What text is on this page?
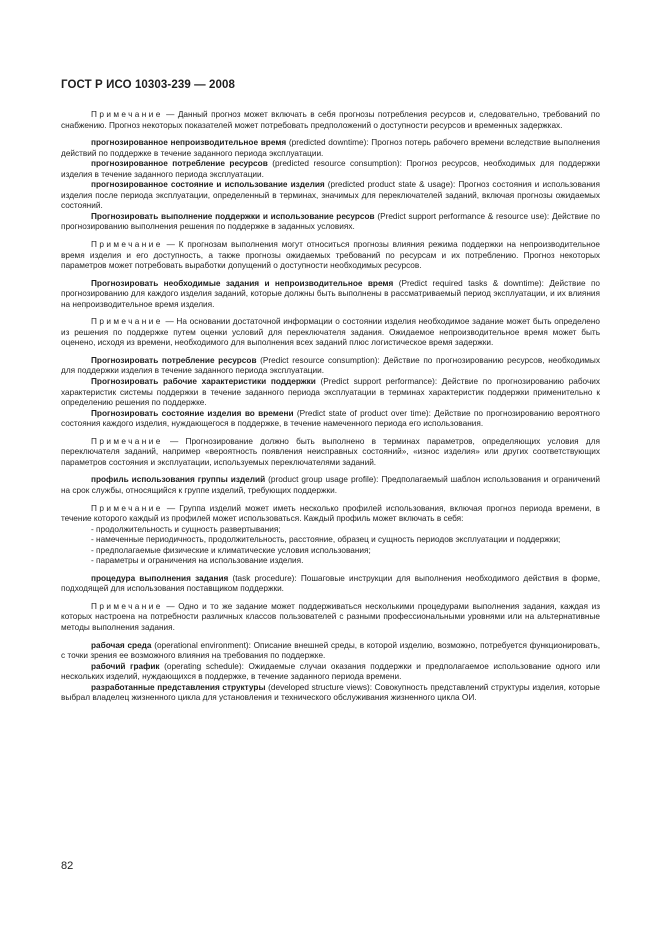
ГОСТ Р ИСО 10303-239 — 2008

Примечание — Данный прогноз может включать в себя прогнозы потребления ресурсов и, следовательно, требований по снабжению. Прогноз некоторых показателей может потребовать предположений о доступности ресурсов и временных задержках.

прогнозированное непроизводительное время (predicted downtime): Прогноз потерь рабочего времени вследствие выполнения действий по поддержке в течение заданного периода эксплуатации.

прогнозированное потребление ресурсов (predicted resource consumption): Прогноз ресурсов, необходимых для поддержки изделия в течение заданного периода эксплуатации.

прогнозированное состояние и использование изделия (predicted product state & usage): Прогноз состояния и использования изделия после периода эксплуатации, определенный в терминах, значимых для переключателей заданий, включая прогнозы ожидаемых состояний.

Прогнозировать выполнение поддержки и использование ресурсов (Predict support performance & resource use): Действие по прогнозированию выполнения решения по поддержке в заданных условиях.

Примечание — К прогнозам выполнения могут относиться прогнозы влияния режима поддержки на непроизводительное время изделия и его доступность, а также прогнозы ожидаемых требований по ресурсам и их потреблению. Прогноз некоторых параметров может потребовать выработки допущений о доступности необходимых ресурсов.

Прогнозировать необходимые задания и непроизводительное время (Predict required tasks & downtime): Действие по прогнозированию для каждого изделия заданий, которые должны быть выполнены в рассматриваемый период эксплуатации, и их влияния на непроизводительное время изделия.

Примечание — На основании достаточной информации о состоянии изделия необходимое задание может быть определено из решения по поддержке путем оценки условий для переключателя задания. Ожидаемое непроизводительное время может быть оценено, исходя из времени, необходимого для выполнения всех заданий плюс логистическое время задержки.

Прогнозировать потребление ресурсов (Predict resource consumption): Действие по прогнозированию ресурсов, необходимых для поддержки изделия в течение заданного периода эксплуатации.

Прогнозировать рабочие характеристики поддержки (Predict support performance): Действие по прогнозированию рабочих характеристик системы поддержки в течение заданного периода эксплуатации в терминах характеристик поддержки применительно к определению решения по поддержке.

Прогнозировать состояние изделия во времени (Predict state of product over time): Действие по прогнозированию вероятного состояния каждого изделия, нуждающегося в поддержке, в течение намеченного периода его использования.

Примечание — Прогнозирование должно быть выполнено в терминах параметров, определяющих условия для переключателя заданий, например «вероятность появления неисправных состояний», «износ изделия» или других соответствующих параметров состояния и эксплуатации, используемых переключателями заданий.

профиль использования группы изделий (product group usage profile): Предполагаемый шаблон использования и ограничений на срок службы, относящийся к группе изделий, требующих поддержки.

Примечание — Группа изделий может иметь несколько профилей использования, включая прогноз периода времени, в течение которого каждый из профилей может использоваться. Каждый профиль может включать в себя:

- продолжительность и сущность развертывания;

- намеченные периодичность, продолжительность, расстояние, образец и сущность периодов эксплуатации и поддержки;

- предполагаемые физические и климатические условия использования;

- параметры и ограничения на использование изделия.

процедура выполнения задания (task procedure): Пошаговые инструкции для выполнения необходимого действия в форме, подходящей для использования поставщиком поддержки.

Примечание — Одно и то же задание может поддерживаться несколькими процедурами выполнения задания, каждая из которых настроена на потребности различных классов пользователей с разными профессиональными уровнями или на альтернативные методы выполнения задания.

рабочая среда (operational environment): Описание внешней среды, в которой изделию, возможно, потребуется функционировать, с точки зрения ее возможного влияния на требования по поддержке.

рабочий график (operating schedule): Ожидаемые случаи оказания поддержки и предполагаемое использование одного или нескольких изделий, нуждающихся в поддержке, в течение заданного периода времени.

разработанные представления структуры (developed structure views): Совокупность представлений структуры изделия, которые выбрал владелец жизненного цикла для установления и технического обслуживания жизненного цикла ОИ.

82
